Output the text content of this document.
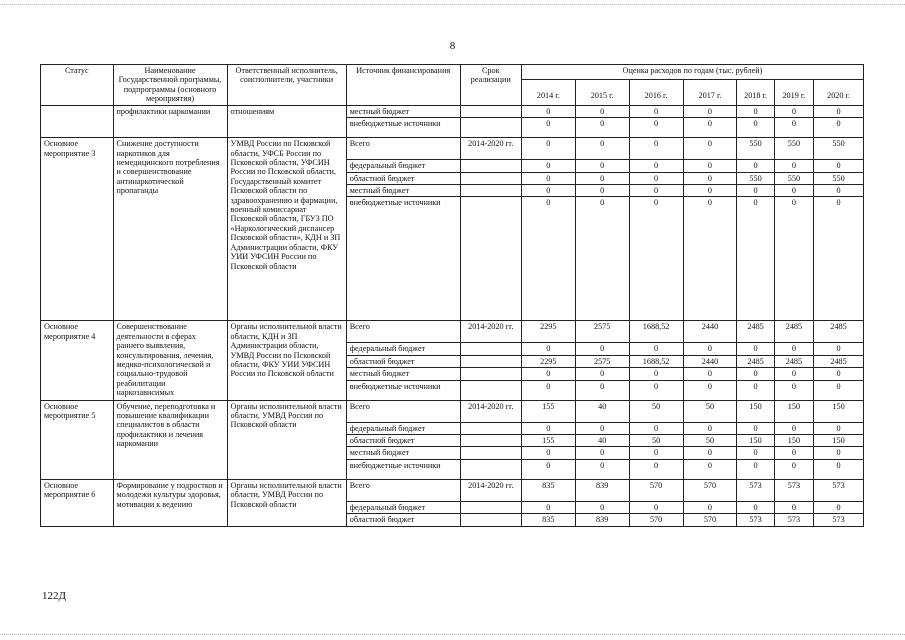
8
Статус	Наименование Государственной программы, подпрограммы (основного мероприятия)	Ответственный исполнитель, соисполнители, участники	Источник финансирования	Срок реализации	Оценка расходов по годам (тыс. рублей)						
					2014 г.	2015 г.	2016 г.	2017 г.	2018 г.	2019 г.	2020 г.
	профилактики наркомании	отношениям	местный бюджет		0	0	0	0	0	0	0
			внебюджетные источники		0	0	0	0	0	0	0
Основное мероприятие 3	Снижение доступности наркотиков для немедицинского потребления и совершенствование антинаркотической пропаганды	УМВД России по Псковской области, УФСБ России по Псковской области, УФСИН России по Псковской области, Государственный комитет Псковской области по здравоохранению и фармации, военный комиссариат Псковской области, ГБУЗ ПО «Наркологический диспансер Псковской области», КДН и ЗП Администрации области, ФКУ УИИ УФСИН России по Псковской области	Всего	2014-2020 гг.	0	0	0	0	550	550	550
			федеральный бюджет		0	0	0	0	0	0	0
			областной бюджет		0	0	0	0	550	550	550
			местный бюджет		0	0	0	0	0	0	0
			внебюджетные источники		0	0	0	0	0	0	0
Основное мероприятие 4	Совершенствование деятельности в сферах раннего выявления, консультирования, лечения, медико-психологической и социально-трудовой реабилитации наркозависимых	Органы исполнительной власти области, КДН и ЗП Администрации области, УМВД России по Псковской области, ФКУ УИИ УФСИН России по Псковской области	Всего	2014-2020 гг.	2295	2575	1688,52	2440	2485	2485	2485
			федеральный бюджет		0	0	0	0	0	0	0
			областной бюджет		2295	2575	1688,52	2440	2485	2485	2485
			местный бюджет		0	0	0	0	0	0	0
			внебюджетные источники		0	0	0	0	0	0	0
Основное мероприятие 5	Обучение, переподготовка и повышение квалификации специалистов в области профилактики и лечения наркомании	Органы исполнительной власти области, УМВД России по Псковской области	Всего	2014-2020 гг.	155	40	50	50	150	150	150
			федеральный бюджет		0	0	0	0	0	0	0
			областной бюджет		155	40	50	50	150	150	150
			местный бюджет		0	0	0	0	0	0	0
			внебюджетные источники		0	0	0	0	0	0	0
Основное мероприятие 6	Формирование у подростков и молодежи культуры здоровья, мотивации к ведению	Органы исполнительной власти области, УМВД России по Псковской области	Всего	2014-2020 гг.	835	839	570	570	573	573	573
			федеральный бюджет		0	0	0	0	0	0	0
			областной бюджет		835	839	570	570	573	573	573
122Д
